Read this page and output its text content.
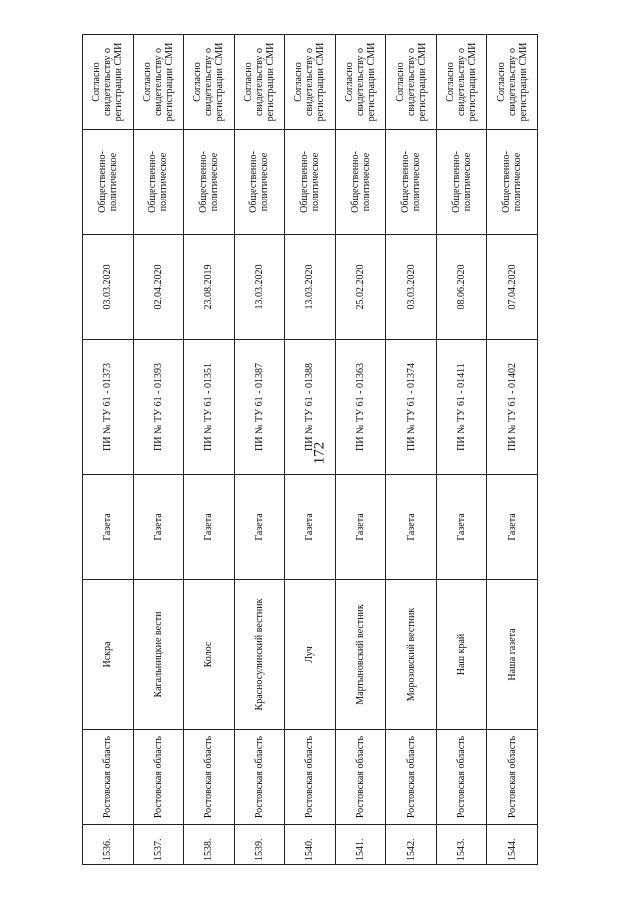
172
1536.	Ростовская область	Искра	Газета	ПИ № ТУ 61 - 01373	03.03.2020	Общественно-политическое	Согласно свидетельству о регистрации СМИ
1537.	Ростовская область	Кагальницкие вести	Газета	ПИ № ТУ 61 - 01393	02.04.2020	Общественно-политическое	Согласно свидетельству о регистрации СМИ
1538.	Ростовская область	Колос	Газета	ПИ № ТУ 61 - 01351	23.08.2019	Общественно-политическое	Согласно свидетельству о регистрации СМИ
1539.	Ростовская область	Красносулинский вестник	Газета	ПИ № ТУ 61 - 01387	13.03.2020	Общественно-политическое	Согласно свидетельству о регистрации СМИ
1540.	Ростовская область	Луч	Газета	ПИ № ТУ 61 - 01388	13.03.2020	Общественно-политическое	Согласно свидетельству о регистрации СМИ
1541.	Ростовская область	Мартыновский вестник	Газета	ПИ № ТУ 61 - 01363	25.02.2020	Общественно-политическое	Согласно свидетельству о регистрации СМИ
1542.	Ростовская область	Морозовский вестник	Газета	ПИ № ТУ 61 - 01374	03.03.2020	Общественно-политическое	Согласно свидетельству о регистрации СМИ
1543.	Ростовская область	Наш край	Газета	ПИ № ТУ 61 - 01411	08.06.2020	Общественно-политическое	Согласно свидетельству о регистрации СМИ
1544.	Ростовская область	Наша газета	Газета	ПИ № ТУ 61 - 01402	07.04.2020	Общественно-политическое	Согласно свидетельству о регистрации СМИ
